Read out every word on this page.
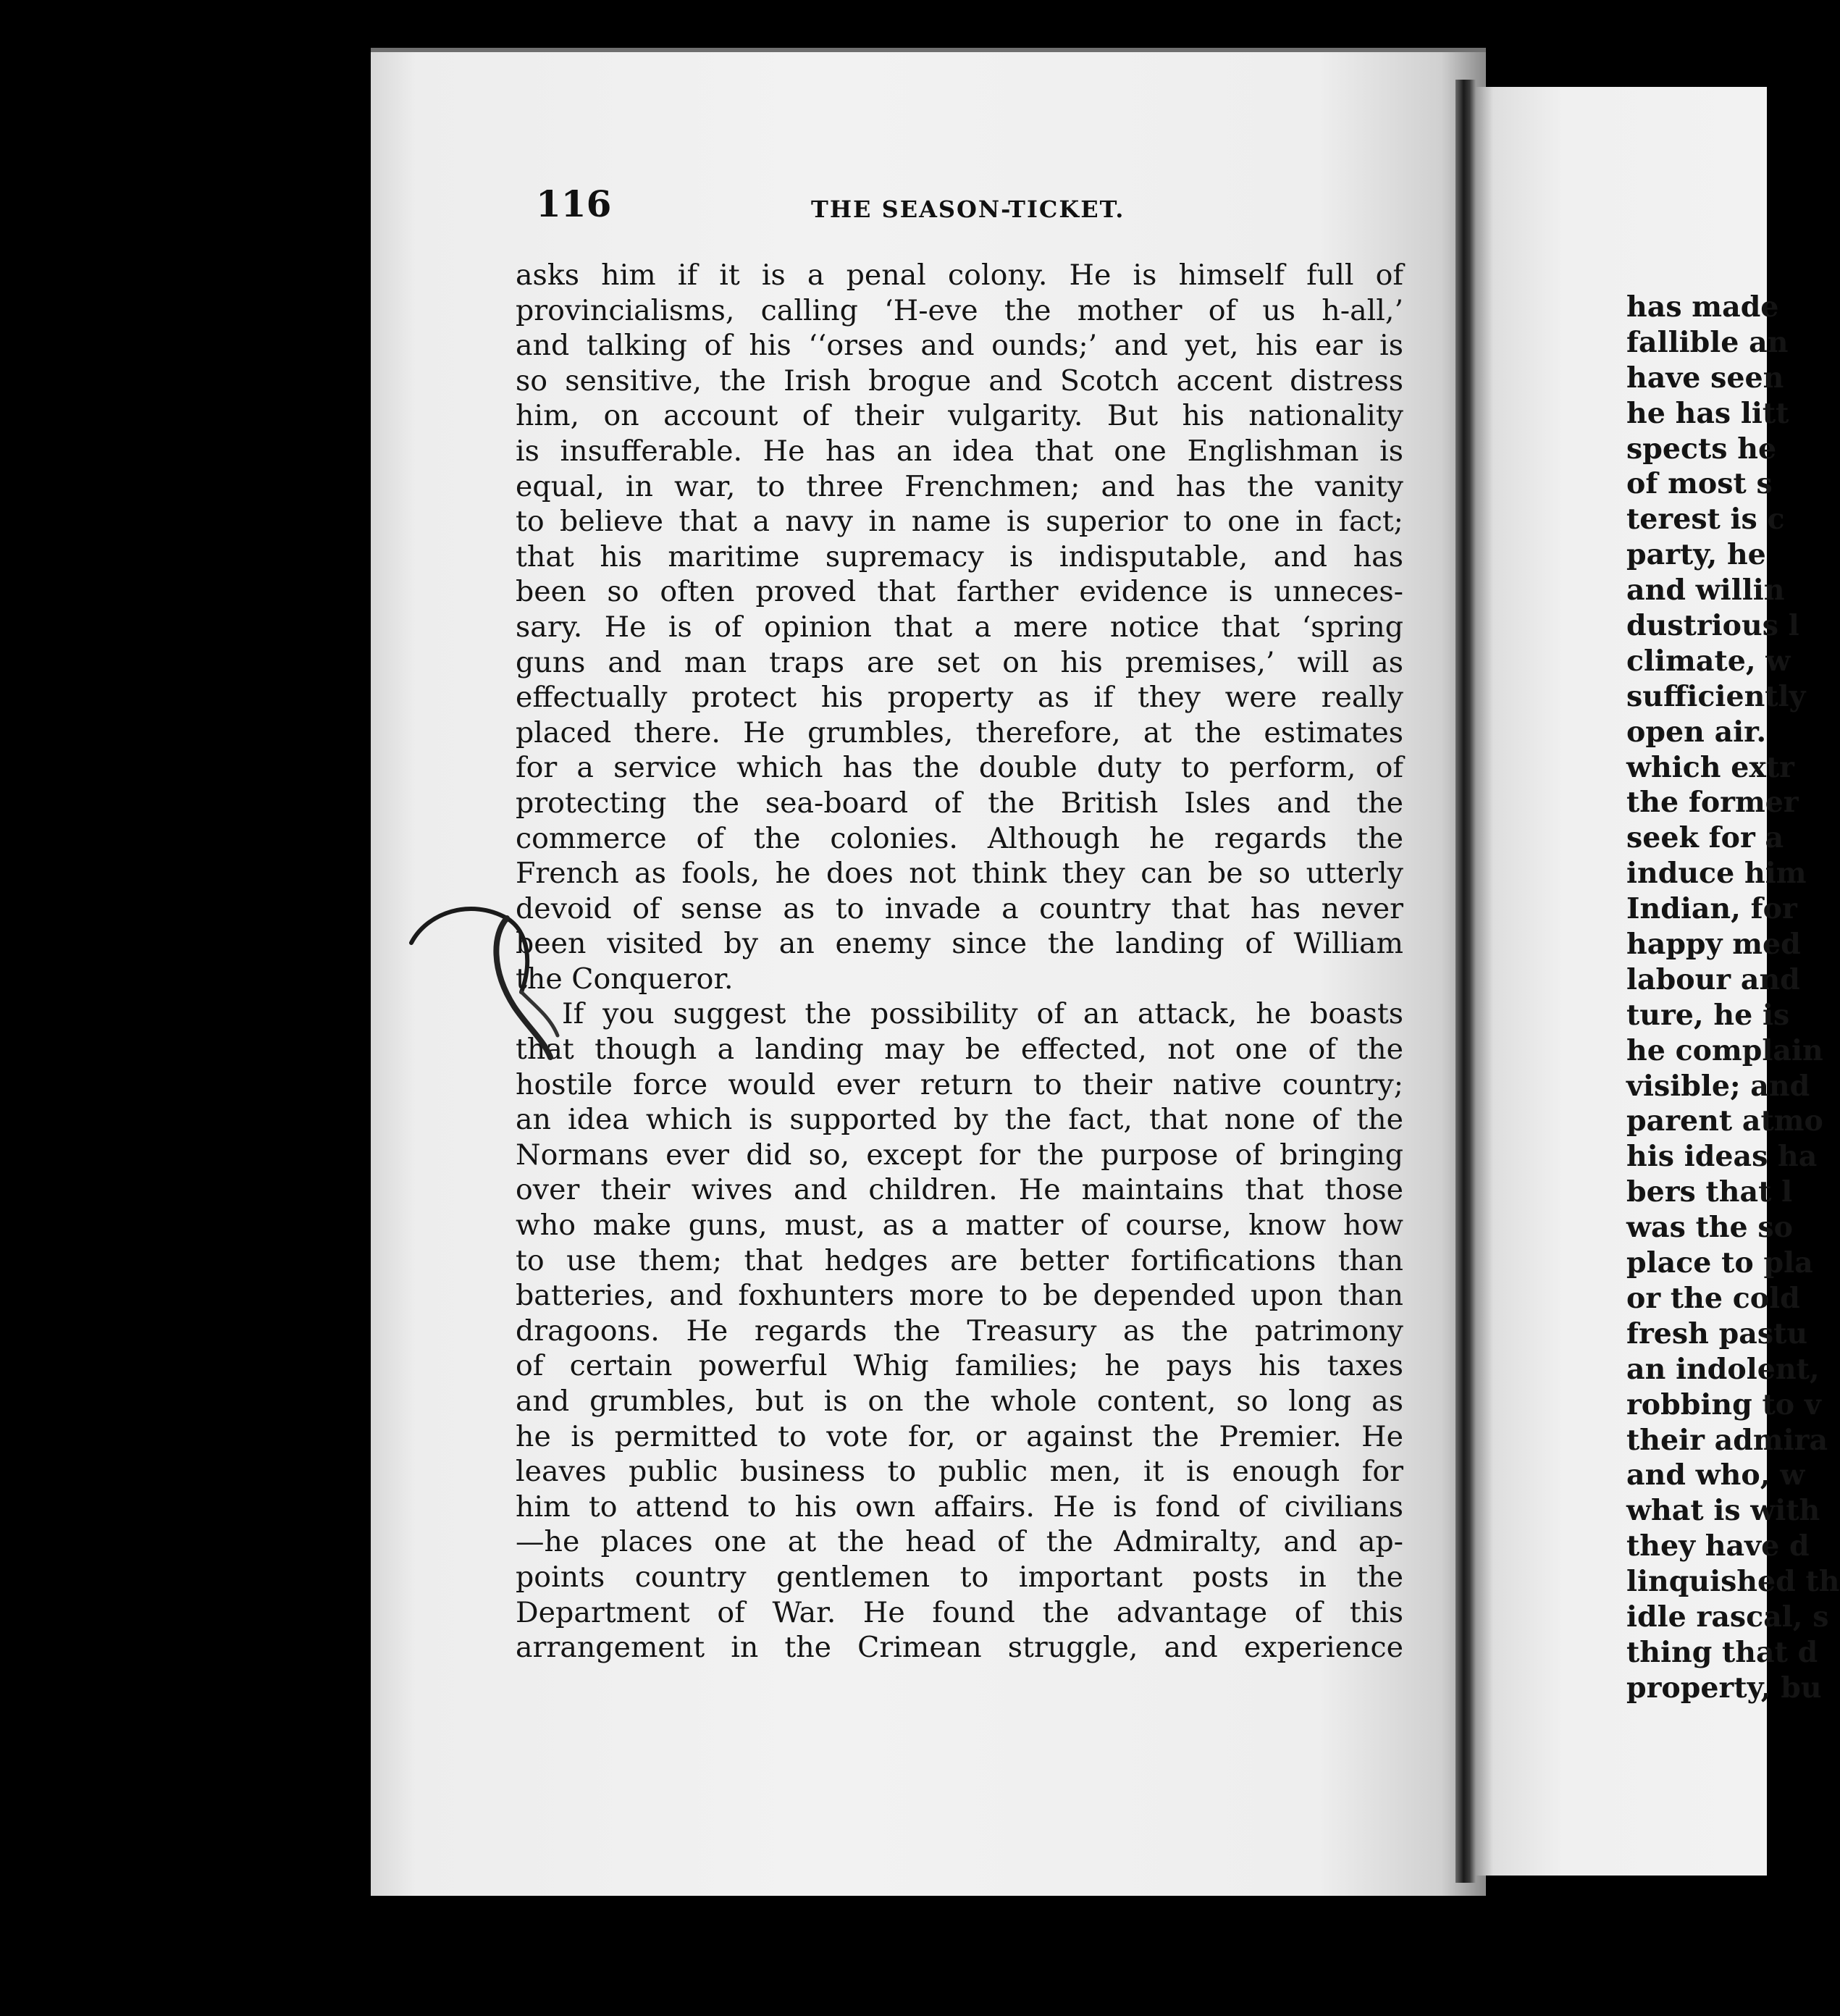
116	THE SEASON-TICKET.
asks him if it is a penal colony. He is himself full of
provincialisms, calling ‘H-eve the mother of us h-all,’
and talking of his ‘‘orses and ounds;’ and yet, his ear is
so sensitive, the Irish brogue and Scotch accent distress
him, on account of their vulgarity. But his nationality
is insufferable. He has an idea that one Englishman is
equal, in war, to three Frenchmen; and has the vanity
to believe that a navy in name is superior to one in fact;
that his maritime supremacy is indisputable, and has
been so often proved that farther evidence is unneces-
sary. He is of opinion that a mere notice that ‘spring
guns and man traps are set on his premises,’ will as
effectually protect his property as if they were really
placed there. He grumbles, therefore, at the estimates
for a service which has the double duty to perform, of
protecting the sea-board of the British Isles and the
commerce of the colonies. Although he regards the
French as fools, he does not think they can be so utterly
devoid of sense as to invade a country that has never
been visited by an enemy since the landing of William
the Conqueror.
If you suggest the possibility of an attack, he boasts
that though a landing may be effected, not one of the
hostile force would ever return to their native country;
an idea which is supported by the fact, that none of the
Normans ever did so, except for the purpose of bringing
over their wives and children. He maintains that those
who make guns, must, as a matter of course, know how
to use them; that hedges are better fortifications than
batteries, and foxhunters more to be depended upon than
dragoons. He regards the Treasury as the patrimony
of certain powerful Whig families; he pays his taxes
and grumbles, but is on the whole content, so long as
he is permitted to vote for, or against the Premier. He
leaves public business to public men, it is enough for
him to attend to his own affairs. He is fond of civilians
—he places one at the head of the Admiralty, and ap-
points country gentlemen to important posts in the
Department of War. He found the advantage of this
arrangement in the Crimean struggle, and experience
has made
fallible an
have seen
he has litt
spects he
of most s
terest is c
party, he
and willin
dustrious l
climate, w
sufficiently
open air.
which extr
the former
seek for a
induce him
Indian, for
happy med
labour and
ture, he is
he complain
visible; and
parent atmo
his ideas ha
bers that l
was the so
place to pla
or the cold
fresh pastu
an indolent,
robbing to v
their admira
and who, w
what is with
they have d
linquished th
idle rascal, s
thing that d
property, bu
